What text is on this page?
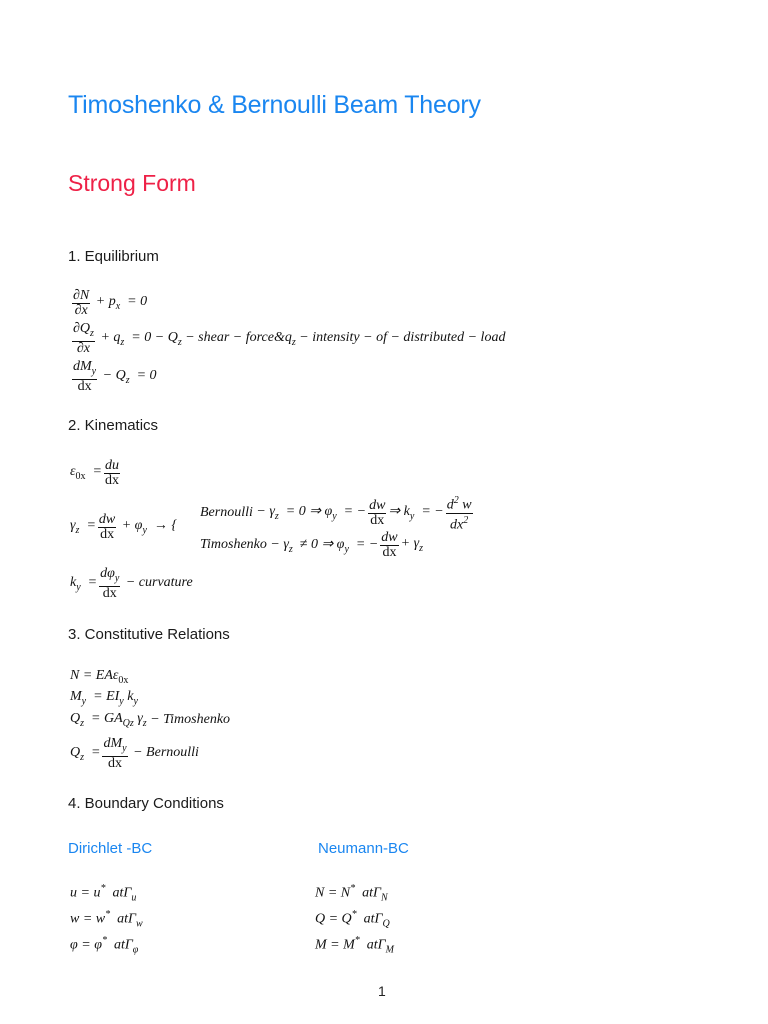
Timoshenko & Bernoulli Beam Theory
Strong Form
1. Equilibrium
$\frac{\partial N}{\partial x} + p_x = 0$
$\frac{\partial Q_z}{\partial x} + q_z = 0 - Q_z$ − shear − force&q $_z$ − intensity − of − distributed − load
$\frac{dM_y}{dx} - Q_z = 0$
2. Kinematics
$\varepsilon_{0x} = \frac{du}{dx}$
$\gamma_z = \frac{dw}{dx} + \varphi_y$  → {
Bernoulli − $\gamma_z = 0$ ⇒ $\varphi_y$  = − $\frac{dw}{dx}$ ⇒ $k_y$  = − $\frac{d^2 w}{dx^2}$
Timoshenko − $\gamma_z \ne 0$ ⇒ $\varphi_y$  = − $\frac{dw}{dx} + \gamma_z$
$k_y = \frac{d\varphi_y}{dx}$
− curvature
3. Constitutive Relations
N = EAε$_{0x}$
$M_y = EI_y$ $k_y$
$Q_z = GA_{Qz}$ $\gamma_z$ − Timoshenko
$Q_z = \frac{dM_y}{dx}$
− Bernoulli
4. Boundary Conditions
Dirichlet -BC	Neumann-BC
u = u*  atΓ$_u$
w = w*  atΓ$_w$
φ = φ*  atΓ$_\varphi$
N = N*  atΓ$_N$
Q = Q*  atΓ$_Q$
M = M*  atΓ$_M$
1
